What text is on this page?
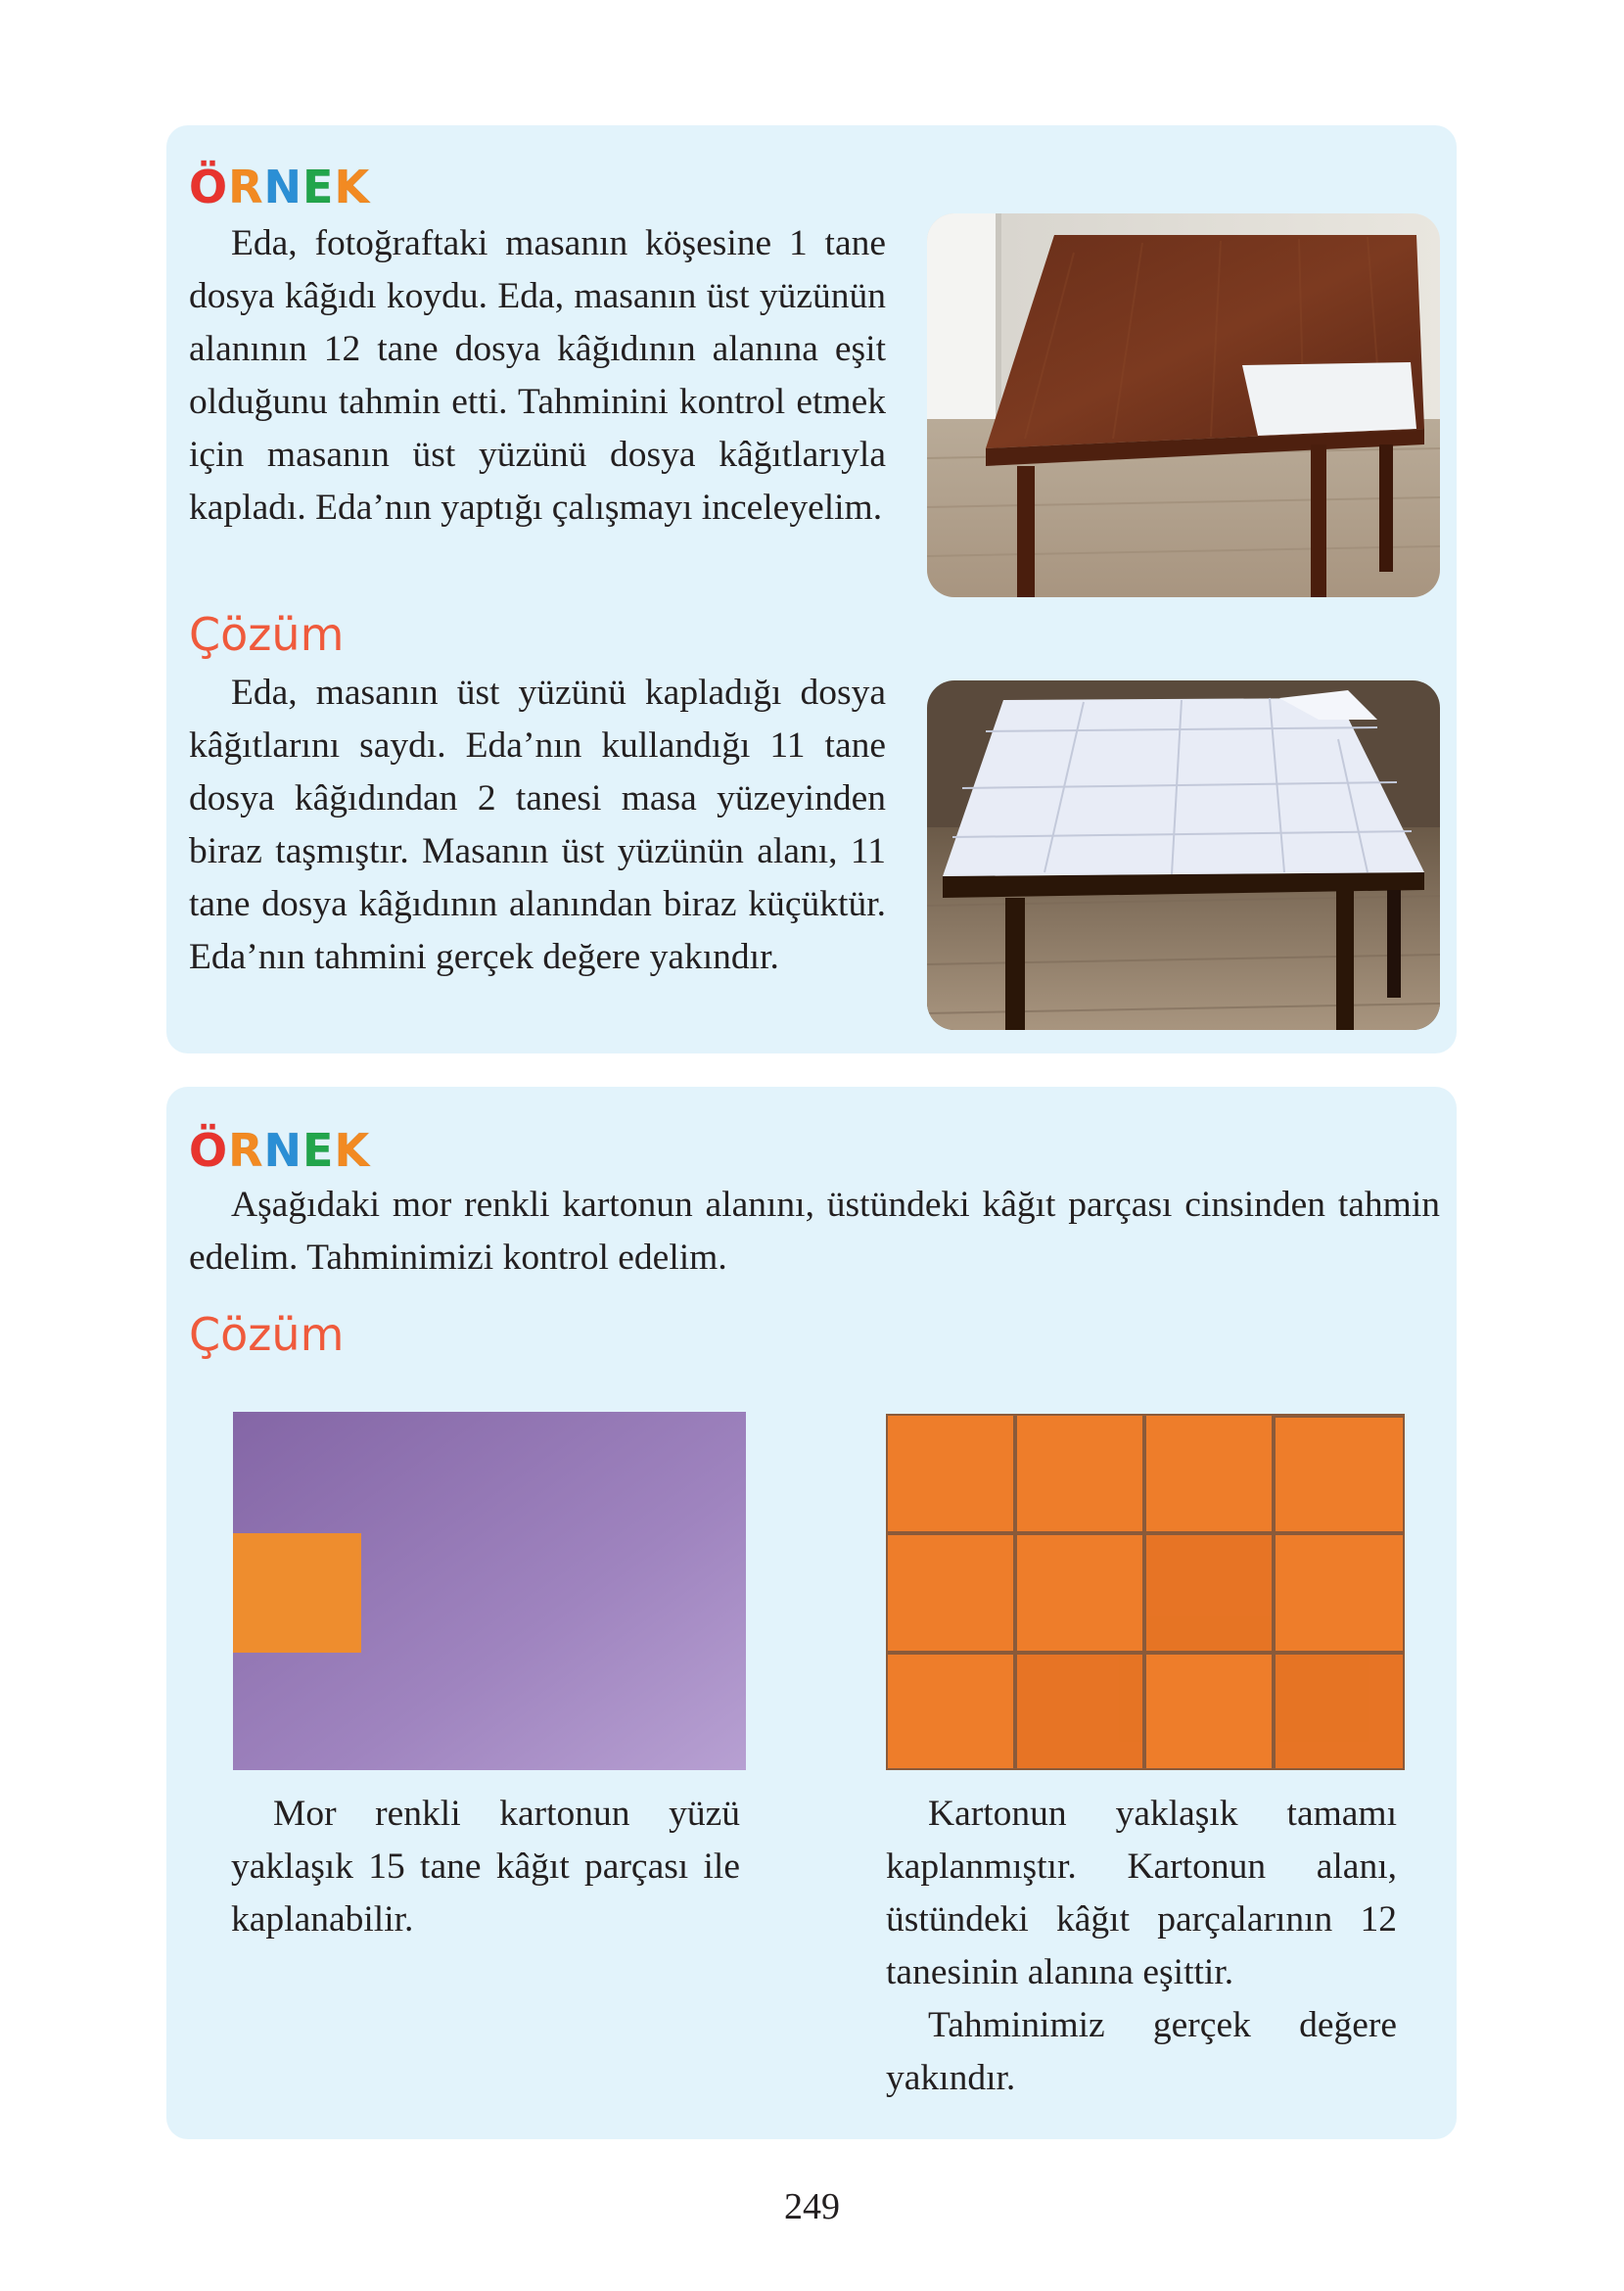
ÖRNEK

Eda, fotoğraftaki masanın köşesine 1 tane dosya kâğıdı koydu. Eda, masanın üst yüzünün alanının 12 tane dosya kâğıdının alanına eşit olduğunu tahmin etti. Tahminini kontrol etmek için masanın üst yüzünü dosya kâğıtlarıyla kapladı. Eda’nın yaptığı çalışmayı inceleyelim.

Çözüm

Eda, masanın üst yüzünü kapladığı dosya kâğıtlarını saydı. Eda’nın kullandığı 11 tane dosya kâğıdından 2 tanesi masa yüzeyinden biraz taşmıştır. Masanın üst yüzünün alanı, 11 tane dosya kâğıdının alanından biraz küçüktür. Eda’nın tahmini gerçek değere yakındır.

ÖRNEK

Aşağıdaki mor renkli kartonun alanını, üstündeki kâğıt parçası cinsinden tahmin edelim. Tahminimizi kontrol edelim.

Çözüm

Mor renkli kartonun yüzü yaklaşık 15 tane kâğıt parçası ile kaplanabilir.

Kartonun yaklaşık tamamı kaplanmıştır. Kartonun alanı, üstündeki kâğıt parçalarının 12 tanesinin alanına eşittir.

Tahminimiz gerçek değere yakındır.

249
